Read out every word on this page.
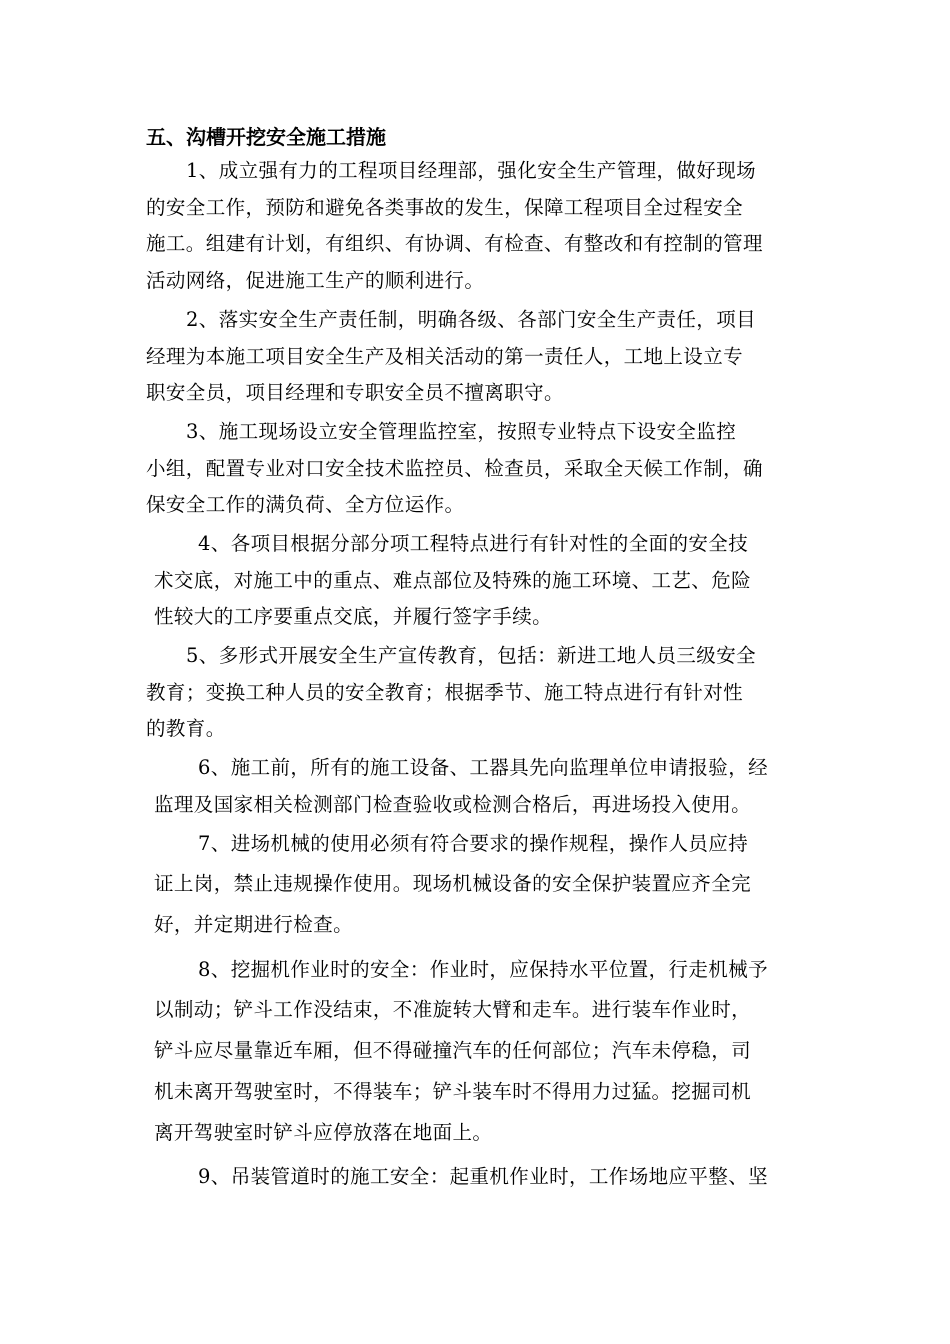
五、沟槽开挖安全施工措施
1、成立强有力的工程项目经理部，强化安全生产管理，做好现场
的安全工作，预防和避免各类事故的发生，保障工程项目全过程安全
施工。组建有计划，有组织、有协调、有检查、有整改和有控制的管理
活动网络，促进施工生产的顺利进行。
2、落实安全生产责任制，明确各级、各部门安全生产责任，项目
经理为本施工项目安全生产及相关活动的第一责任人，工地上设立专
职安全员，项目经理和专职安全员不擅离职守。
3、施工现场设立安全管理监控室，按照专业特点下设安全监控
小组，配置专业对口安全技术监控员、检查员，采取全天候工作制，确
保安全工作的满负荷、全方位运作。
4、各项目根据分部分项工程特点进行有针对性的全面的安全技
术交底，对施工中的重点、难点部位及特殊的施工环境、工艺、危险
性较大的工序要重点交底，并履行签字手续。
5、多形式开展安全生产宣传教育，包括：新进工地人员三级安全
教育；变换工种人员的安全教育；根据季节、施工特点进行有针对性
的教育。
6、施工前，所有的施工设备、工器具先向监理单位申请报验，经
监理及国家相关检测部门检查验收或检测合格后，再进场投入使用。
7、进场机械的使用必须有符合要求的操作规程，操作人员应持
证上岗，禁止违规操作使用。现场机械设备的安全保护装置应齐全完
好，并定期进行检查。
8、挖掘机作业时的安全：作业时，应保持水平位置，行走机械予
以制动；铲斗工作没结束，不准旋转大臂和走车。进行装车作业时，
铲斗应尽量靠近车厢，但不得碰撞汽车的任何部位；汽车未停稳，司
机未离开驾驶室时，不得装车；铲斗装车时不得用力过猛。挖掘司机
离开驾驶室时铲斗应停放落在地面上。
9、吊装管道时的施工安全：起重机作业时，工作场地应平整、坚
